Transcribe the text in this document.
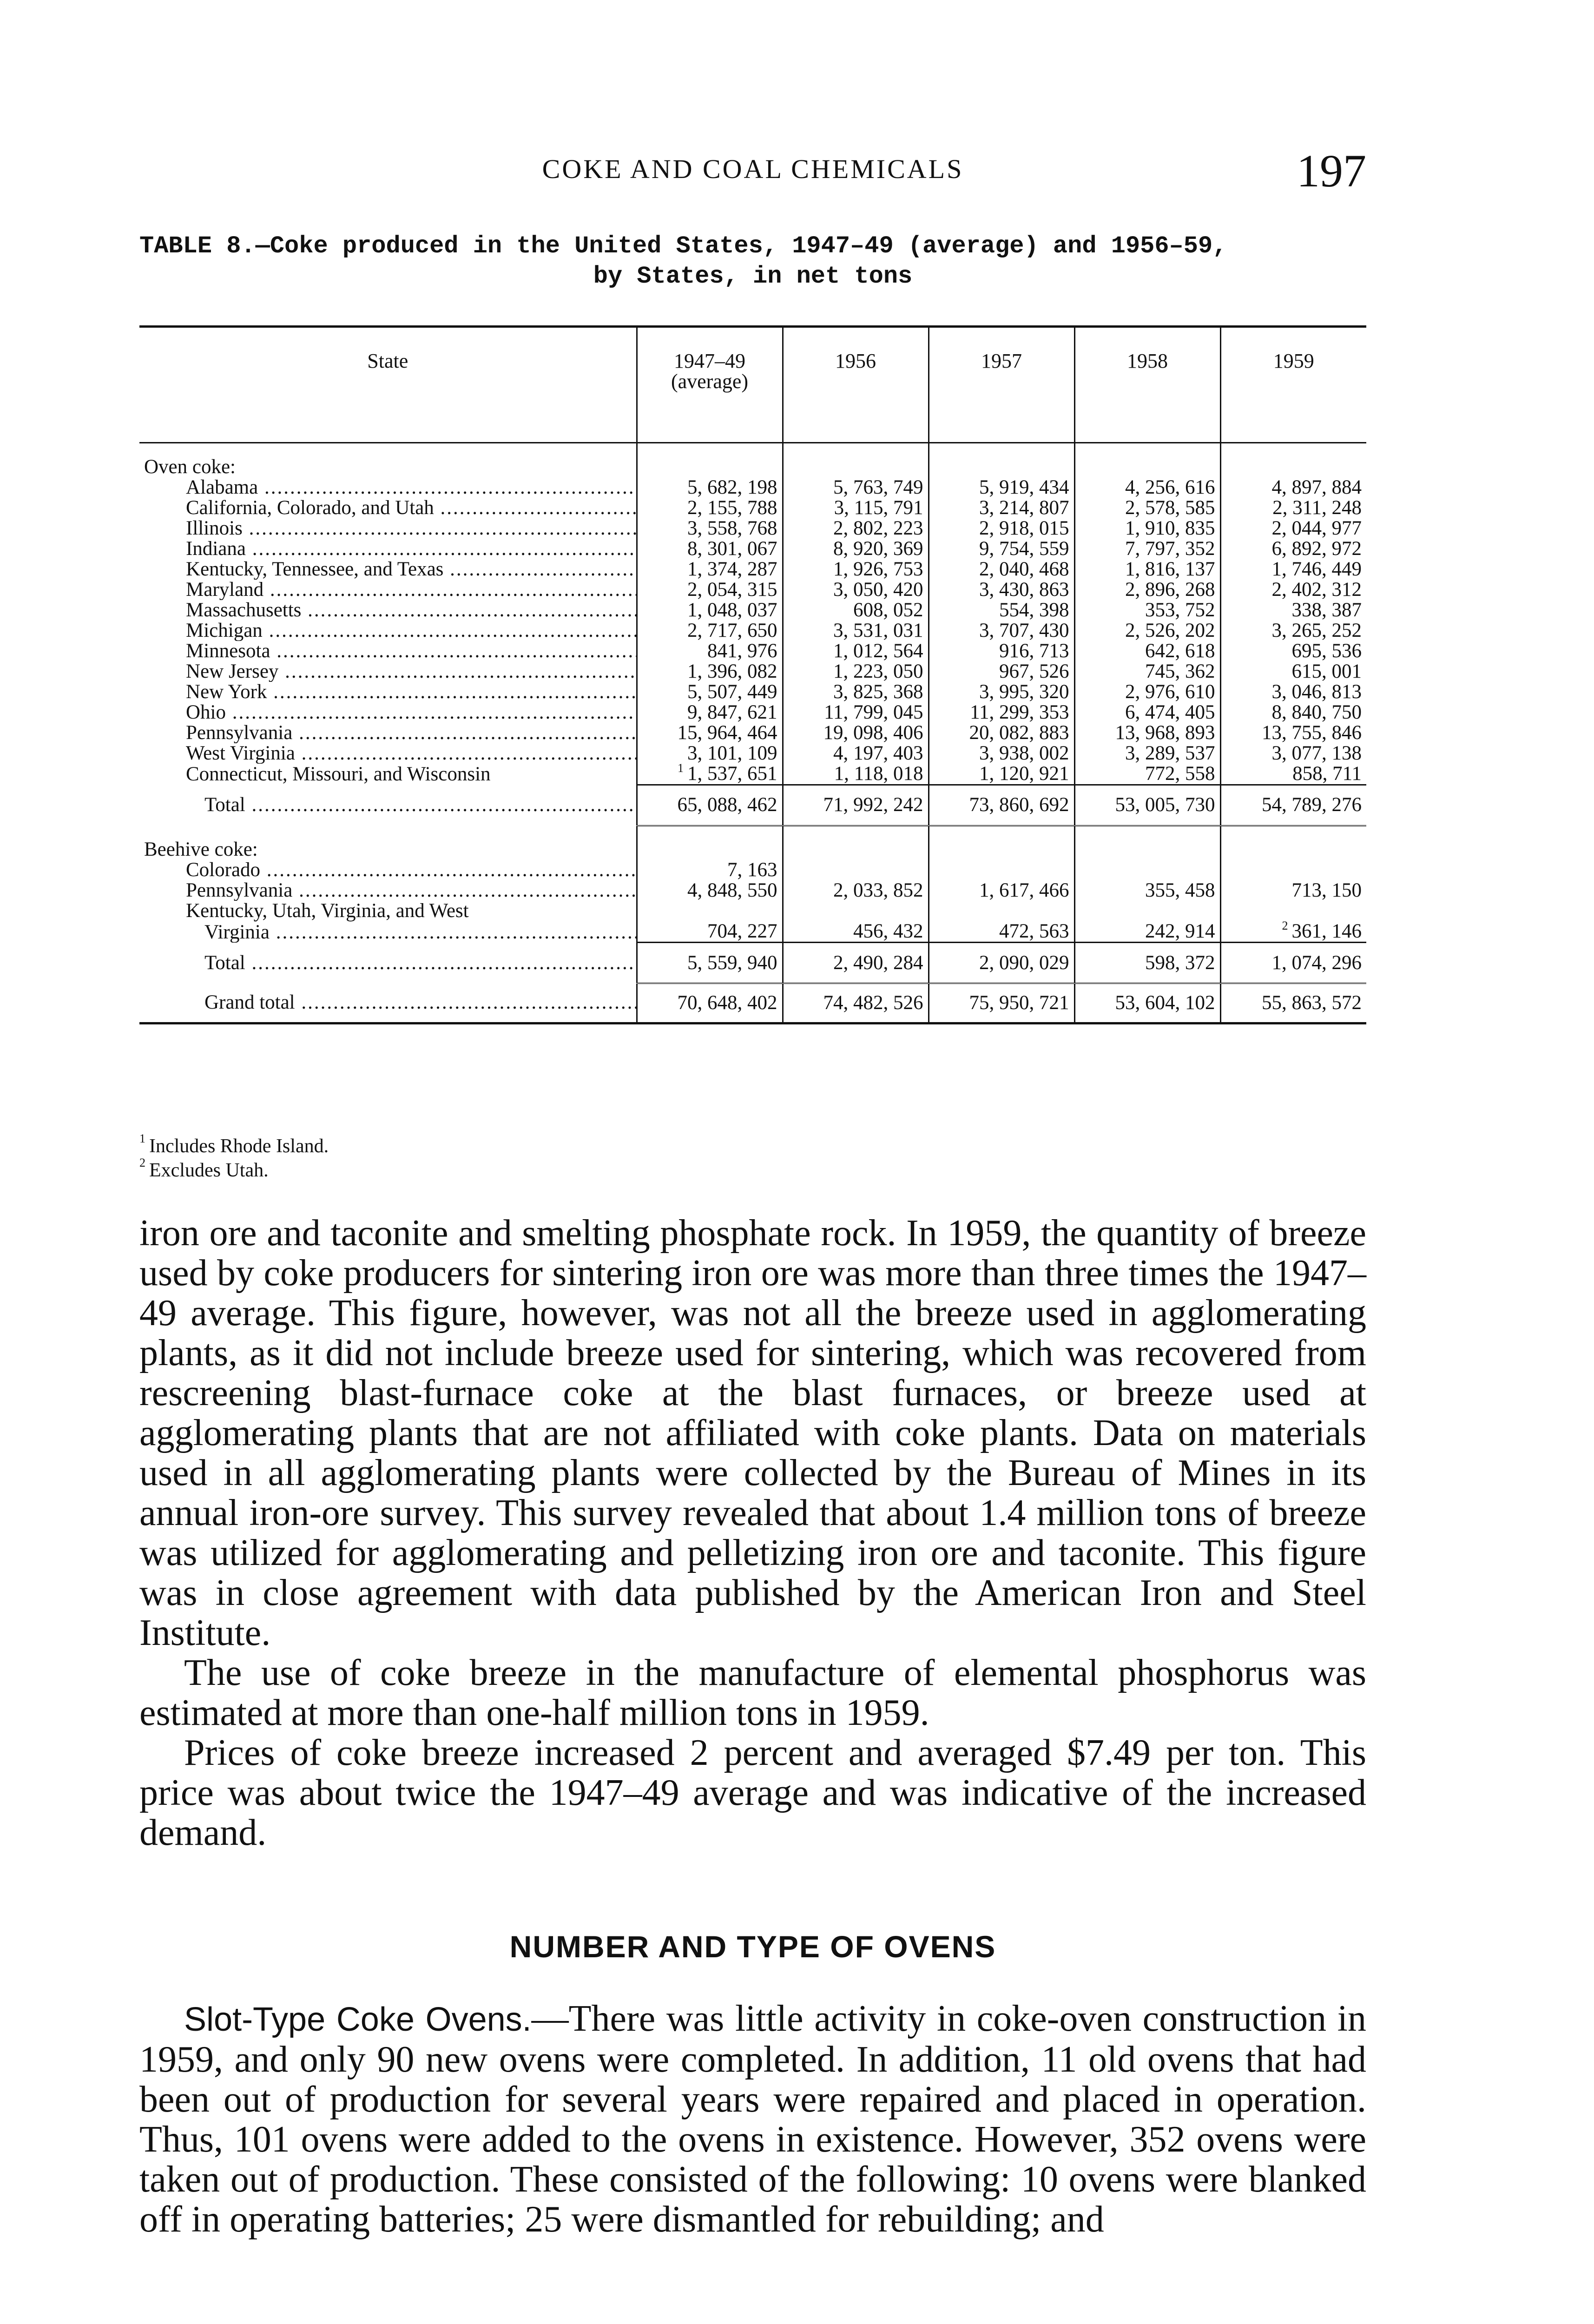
COKE AND COAL CHEMICALS	197
TABLE 8.—Coke produced in the United States, 1947–49 (average) and 1956–59,
by States, in net tons
State	1947–49 (average)	1956	1957	1958	1959

Oven coke:					
Alabama .....	5, 682, 198	5, 763, 749	5, 919, 434	4, 256, 616	4, 897, 884
California, Colorado, and Utah .....	2, 155, 788	3, 115, 791	3, 214, 807	2, 578, 585	2, 311, 248
Illinois .....	3, 558, 768	2, 802, 223	2, 918, 015	1, 910, 835	2, 044, 977
Indiana .....	8, 301, 067	8, 920, 369	9, 754, 559	7, 797, 352	6, 892, 972
Kentucky, Tennessee, and Texas .....	1, 374, 287	1, 926, 753	2, 040, 468	1, 816, 137	1, 746, 449
Maryland .....	2, 054, 315	3, 050, 420	3, 430, 863	2, 896, 268	2, 402, 312
Massachusetts .....	1, 048, 037	608, 052	554, 398	353, 752	338, 387
Michigan .....	2, 717, 650	3, 531, 031	3, 707, 430	2, 526, 202	3, 265, 252
Minnesota .....	841, 976	1, 012, 564	916, 713	642, 618	695, 536
New Jersey .....	1, 396, 082	1, 223, 050	967, 526	745, 362	615, 001
New York .....	5, 507, 449	3, 825, 368	3, 995, 320	2, 976, 610	3, 046, 813
Ohio .....	9, 847, 621	11, 799, 045	11, 299, 353	6, 474, 405	8, 840, 750
Pennsylvania .....	15, 964, 464	19, 098, 406	20, 082, 883	13, 968, 893	13, 755, 846
West Virginia .....	3, 101, 109	4, 197, 403	3, 938, 002	3, 289, 537	3, 077, 138
Connecticut, Missouri, and Wisconsin	$^1$ 1, 537, 651	1, 118, 018	1, 120, 921	772, 558	858, 711
Total .....	65, 088, 462	71, 992, 242	73, 860, 692	53, 005, 730	54, 789, 276

Beehive coke:					
Colorado .....	7, 163				
Pennsylvania .....	4, 848, 550	2, 033, 852	1, 617, 466	355, 458	713, 150
Kentucky, Utah, Virginia, and West					
Virginia .....	704, 227	456, 432	472, 563	242, 914	$^2$ 361, 146
Total .....	5, 559, 940	2, 490, 284	2, 090, 029	598, 372	1, 074, 296
Grand total .....	70, 648, 402	74, 482, 526	75, 950, 721	53, 604, 102	55, 863, 572
$^1$ Includes Rhode Island.
$^2$ Excludes Utah.

iron ore and taconite and smelting phosphate rock. In 1959, the quantity of breeze used by coke producers for sintering iron ore was more than three times the 1947–49 average. This figure, however, was not all the breeze used in agglomerating plants, as it did not include breeze used for sintering, which was recovered from rescreening blast-furnace coke at the blast furnaces, or breeze used at agglomerating plants that are not affiliated with coke plants. Data on materials used in all agglomerating plants were collected by the Bureau of Mines in its annual iron-ore survey. This survey revealed that about 1.4 million tons of breeze was utilized for agglomerating and pelletizing iron ore and taconite. This figure was in close agreement with data published by the American Iron and Steel Institute.

The use of coke breeze in the manufacture of elemental phosphorus was estimated at more than one-half million tons in 1959.

Prices of coke breeze increased 2 percent and averaged $7.49 per ton. This price was about twice the 1947–49 average and was indicative of the increased demand.

NUMBER AND TYPE OF OVENS

Slot-Type Coke Ovens.—There was little activity in coke-oven construction in 1959, and only 90 new ovens were completed. In addition, 11 old ovens that had been out of production for several years were repaired and placed in operation. Thus, 101 ovens were added to the ovens in existence. However, 352 ovens were taken out of production. These consisted of the following: 10 ovens were blanked off in operating batteries; 25 were dismantled for rebuilding; and
